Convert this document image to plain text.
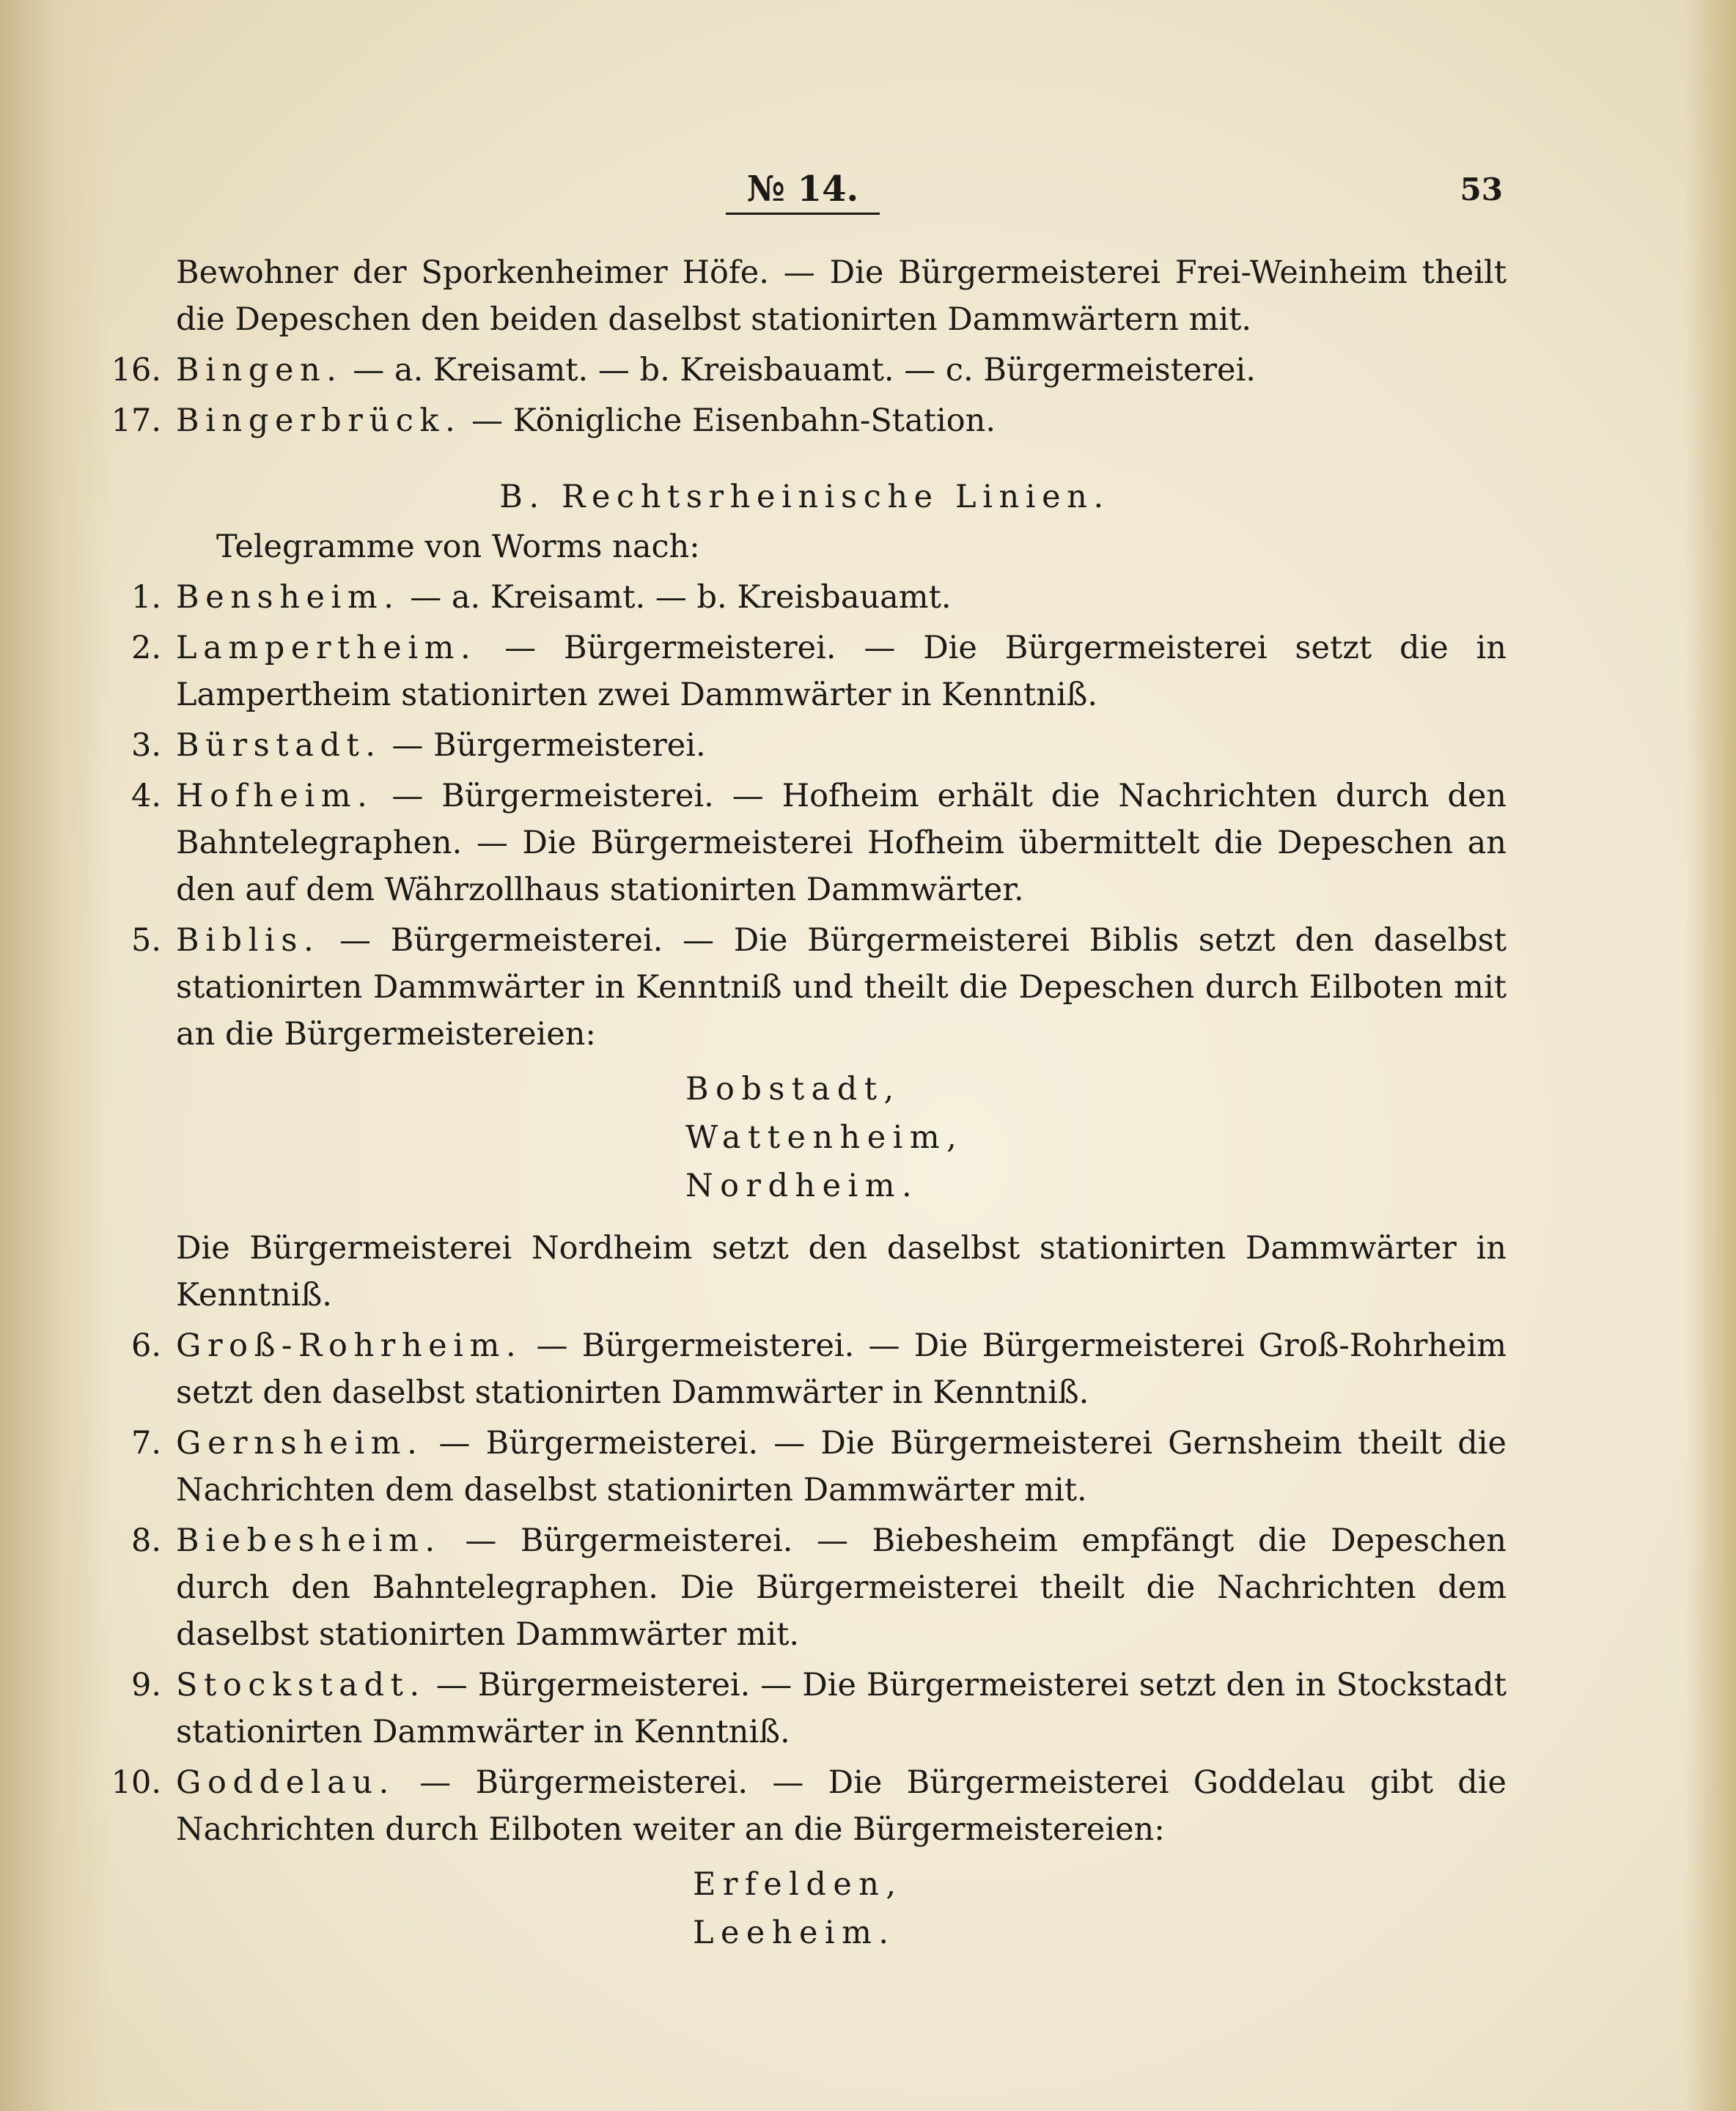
№ 14.	53

Bewohner der Sporkenheimer Höfe. — Die Bürgermeisterei Frei-Weinheim theilt die Depeschen den beiden daselbst stationirten Dammwärtern mit.

16. Bingen. — a. Kreisamt. — b. Kreisbauamt. — c. Bürgermeisterei.
17. Bingerbrück. — Königliche Eisenbahn-Station.
B. Rechtsrheinische Linien.
Telegramme von Worms nach:
1. Bensheim. — a. Kreisamt. — b. Kreisbauamt.
2. Lampertheim. — Bürgermeisterei. — Die Bürgermeisterei setzt die in Lampertheim stationirten zwei Dammwärter in Kenntniß.
3. Bürstadt. — Bürgermeisterei.
4. Hofheim. — Bürgermeisterei. — Hofheim erhält die Nachrichten durch den Bahntelegraphen. — Die Bürgermeisterei Hofheim übermittelt die Depeschen an den auf dem Währzollhaus stationirten Dammwärter.
5. Biblis. — Bürgermeisterei. — Die Bürgermeisterei Biblis setzt den daselbst stationirten Dammwärter in Kenntniß und theilt die Depeschen durch Eilboten mit an die Bürgermeistereien:
Bobstadt,
Wattenheim,
Nordheim.
Die Bürgermeisterei Nordheim setzt den daselbst stationirten Dammwärter in Kenntniß.
6. Groß-Rohrheim. — Bürgermeisterei. — Die Bürgermeisterei Groß-Rohrheim setzt den daselbst stationirten Dammwärter in Kenntniß.
7. Gernsheim. — Bürgermeisterei. — Die Bürgermeisterei Gernsheim theilt die Nachrichten dem daselbst stationirten Dammwärter mit.
8. Biebesheim. — Bürgermeisterei. — Biebesheim empfängt die Depeschen durch den Bahntelegraphen. Die Bürgermeisterei theilt die Nachrichten dem daselbst stationirten Dammwärter mit.
9. Stockstadt. — Bürgermeisterei. — Die Bürgermeisterei setzt den in Stockstadt stationirten Dammwärter in Kenntniß.
10. Goddelau. — Bürgermeisterei. — Die Bürgermeisterei Goddelau gibt die Nachrichten durch Eilboten weiter an die Bürgermeistereien:
Erfelden,
Leeheim.
